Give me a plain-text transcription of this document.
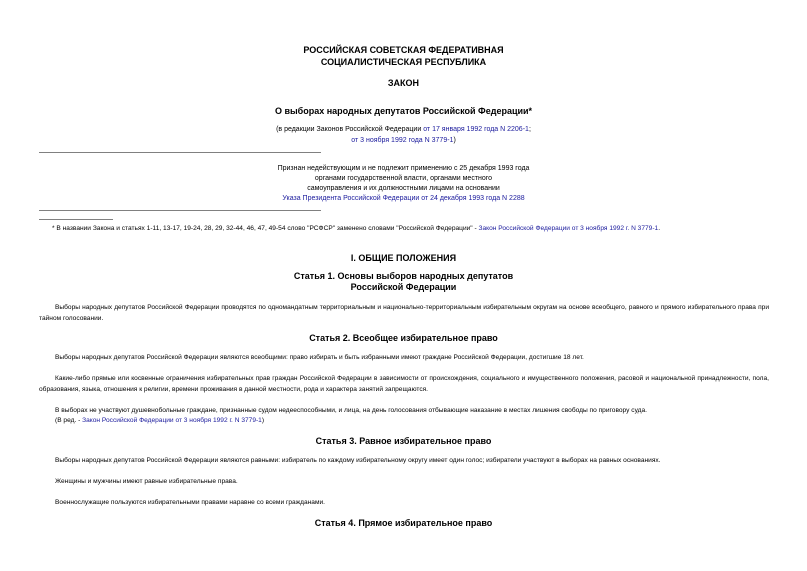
РОССИЙСКАЯ СОВЕТСКАЯ ФЕДЕРАТИВНАЯ
СОЦИАЛИСТИЧЕСКАЯ РЕСПУБЛИКА
ЗАКОН
О выборах народных депутатов Российской Федерации*
(в редакции Законов Российской Федерации от 17 января 1992 года N 2206-1;
от 3 ноября 1992 года N 3779-1)
Признан недействующим и не подлежит применению с 25 декабря 1993 года
органами государственной власти, органами местного
самоуправления и их должностными лицами на основании
Указа Президента Российской Федерации от 24 декабря 1993 года N 2288
* В названии Закона и статьях 1-11, 13-17, 19-24, 28, 29, 32-44, 46, 47, 49-54 слово "РСФСР" заменено словами "Российской Федерации" - Закон Российской Федерации от 3 ноября 1992 г. N 3779-1.
I. ОБЩИЕ ПОЛОЖЕНИЯ
Статья 1. Основы выборов народных депутатов
Российской Федерации
Выборы народных депутатов Российской Федерации проводятся по одномандатным территориальным и национально-территориальным избирательным округам на основе всеобщего, равного и прямого избирательного права при тайном голосовании.
Статья 2. Всеобщее избирательное право
Выборы народных депутатов Российской Федерации являются всеобщими: право избирать и быть избранными имеют граждане Российской Федерации, достигшие 18 лет.
Какие-либо прямые или косвенные ограничения избирательных прав граждан Российской Федерации в зависимости от происхождения, социального и имущественного положения, расовой и национальной принадлежности, пола, образования, языка, отношения к религии, времени проживания в данной местности, рода и характера занятий запрещаются.
В выборах не участвуют душевнобольные граждане, признанные судом недееспособными, и лица, на день голосования отбывающие наказание в местах лишения свободы по приговору суда.
(В ред. - Закон Российской Федерации от 3 ноября 1992 г. N 3779-1)
Статья 3. Равное избирательное право
Выборы народных депутатов Российской Федерации являются равными: избиратель по каждому избирательному округу имеет один голос; избиратели участвуют в выборах на равных основаниях.
Женщины и мужчины имеют равные избирательные права.
Военнослужащие пользуются избирательными правами наравне со всеми гражданами.
Статья 4. Прямое избирательное право
